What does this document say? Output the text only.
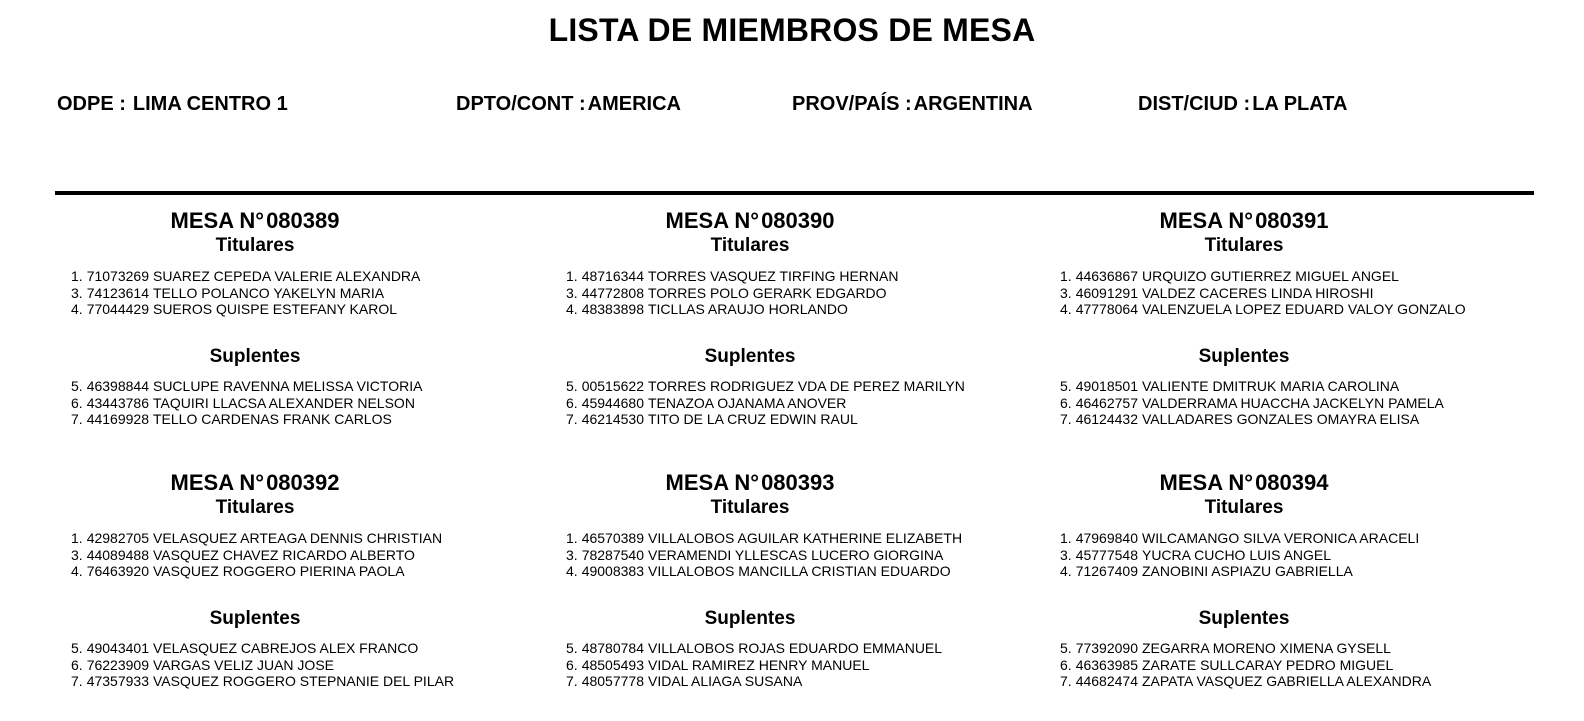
LISTA DE MIEMBROS DE MESA
ODPE : LIMA CENTRO 1	DPTO/CONT : AMERICA	PROV/PAÍS : ARGENTINA	DIST/CIUD : LA PLATA
MESA N°080389
Titulares
1. 71073269 SUAREZ CEPEDA VALERIE ALEXANDRA
3. 74123614 TELLO POLANCO YAKELYN MARIA
4. 77044429 SUEROS QUISPE ESTEFANY KAROL
Suplentes
5. 46398844 SUCLUPE RAVENNA MELISSA VICTORIA
6. 43443786 TAQUIRI LLACSA ALEXANDER NELSON
7. 44169928 TELLO CARDENAS FRANK CARLOS
MESA N°080390
Titulares
1. 48716344 TORRES VASQUEZ TIRFING HERNAN
3. 44772808 TORRES POLO GERARK EDGARDO
4. 48383898 TICLLAS ARAUJO HORLANDO
Suplentes
5. 00515622 TORRES RODRIGUEZ VDA DE PEREZ MARILYN
6. 45944680 TENAZOA OJANAMA ANOVER
7. 46214530 TITO DE LA CRUZ EDWIN RAUL
MESA N°080391
Titulares
1. 44636867 URQUIZO GUTIERREZ MIGUEL ANGEL
3. 46091291 VALDEZ CACERES LINDA HIROSHI
4. 47778064 VALENZUELA LOPEZ EDUARD VALOY GONZALO
Suplentes
5. 49018501 VALIENTE DMITRUK MARIA CAROLINA
6. 46462757 VALDERRAMA HUACCHA JACKELYN PAMELA
7. 46124432 VALLADARES GONZALES OMAYRA ELISA
MESA N°080392
Titulares
1. 42982705 VELASQUEZ ARTEAGA DENNIS CHRISTIAN
3. 44089488 VASQUEZ CHAVEZ RICARDO ALBERTO
4. 76463920 VASQUEZ ROGGERO PIERINA PAOLA
Suplentes
5. 49043401 VELASQUEZ CABREJOS ALEX FRANCO
6. 76223909 VARGAS VELIZ JUAN JOSE
7. 47357933 VASQUEZ ROGGERO STEPNANIE DEL PILAR
MESA N°080393
Titulares
1. 46570389 VILLALOBOS AGUILAR KATHERINE ELIZABETH
3. 78287540 VERAMENDI YLLESCAS LUCERO GIORGINA
4. 49008383 VILLALOBOS MANCILLA CRISTIAN EDUARDO
Suplentes
5. 48780784 VILLALOBOS ROJAS EDUARDO EMMANUEL
6. 48505493 VIDAL RAMIREZ HENRY MANUEL
7. 48057778 VIDAL ALIAGA SUSANA
MESA N°080394
Titulares
1. 47969840 WILCAMANGO SILVA VERONICA ARACELI
3. 45777548 YUCRA CUCHO LUIS ANGEL
4. 71267409 ZANOBINI ASPIAZU GABRIELLA
Suplentes
5. 77392090 ZEGARRA MORENO XIMENA GYSELL
6. 46363985 ZARATE SULLCARAY PEDRO MIGUEL
7. 44682474 ZAPATA VASQUEZ GABRIELLA ALEXANDRA
